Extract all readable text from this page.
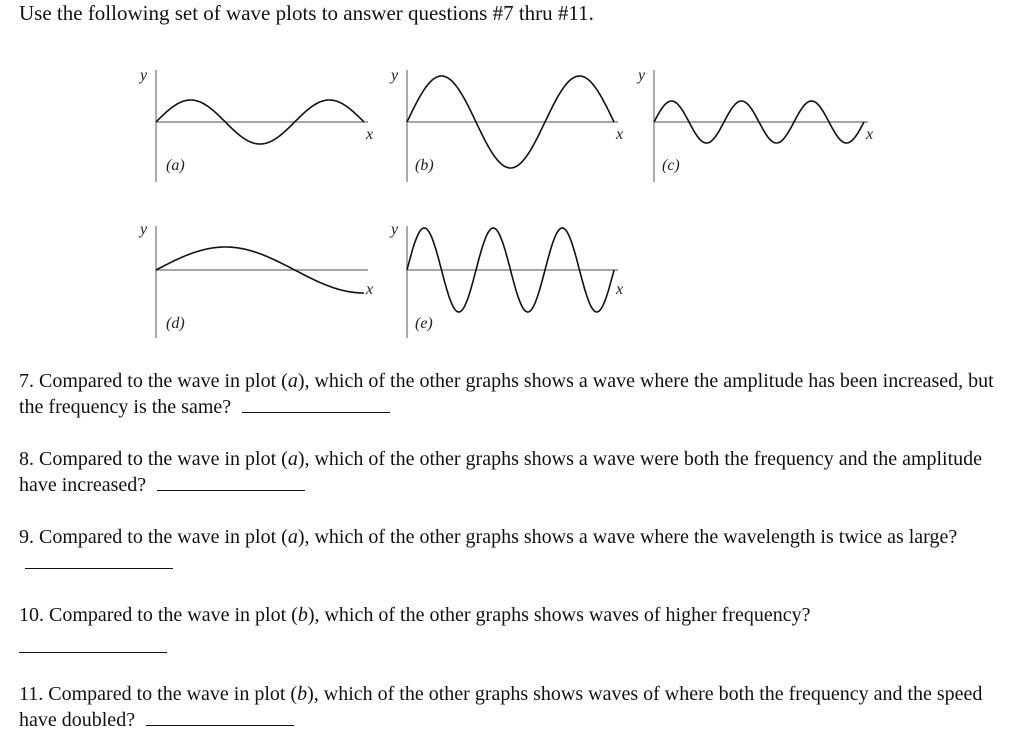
Use the following set of wave plots to answer questions #7 thru #11.
y
x
(a)
y
x
(b)
y
x
(c)
y
x
(d)
y
x
(e)
7. Compared to the wave in plot (a), which of the other graphs shows a wave where the amplitude has been increased, but the frequency is the same?
8. Compared to the wave in plot (a), which of the other graphs shows a wave were both the frequency and the amplitude have increased?
9. Compared to the wave in plot (a), which of the other graphs shows a wave where the wavelength is twice as large?
10. Compared to the wave in plot (b), which of the other graphs shows waves of higher frequency?
11. Compared to the wave in plot (b), which of the other graphs shows waves of where both the frequency and the speed have doubled?
